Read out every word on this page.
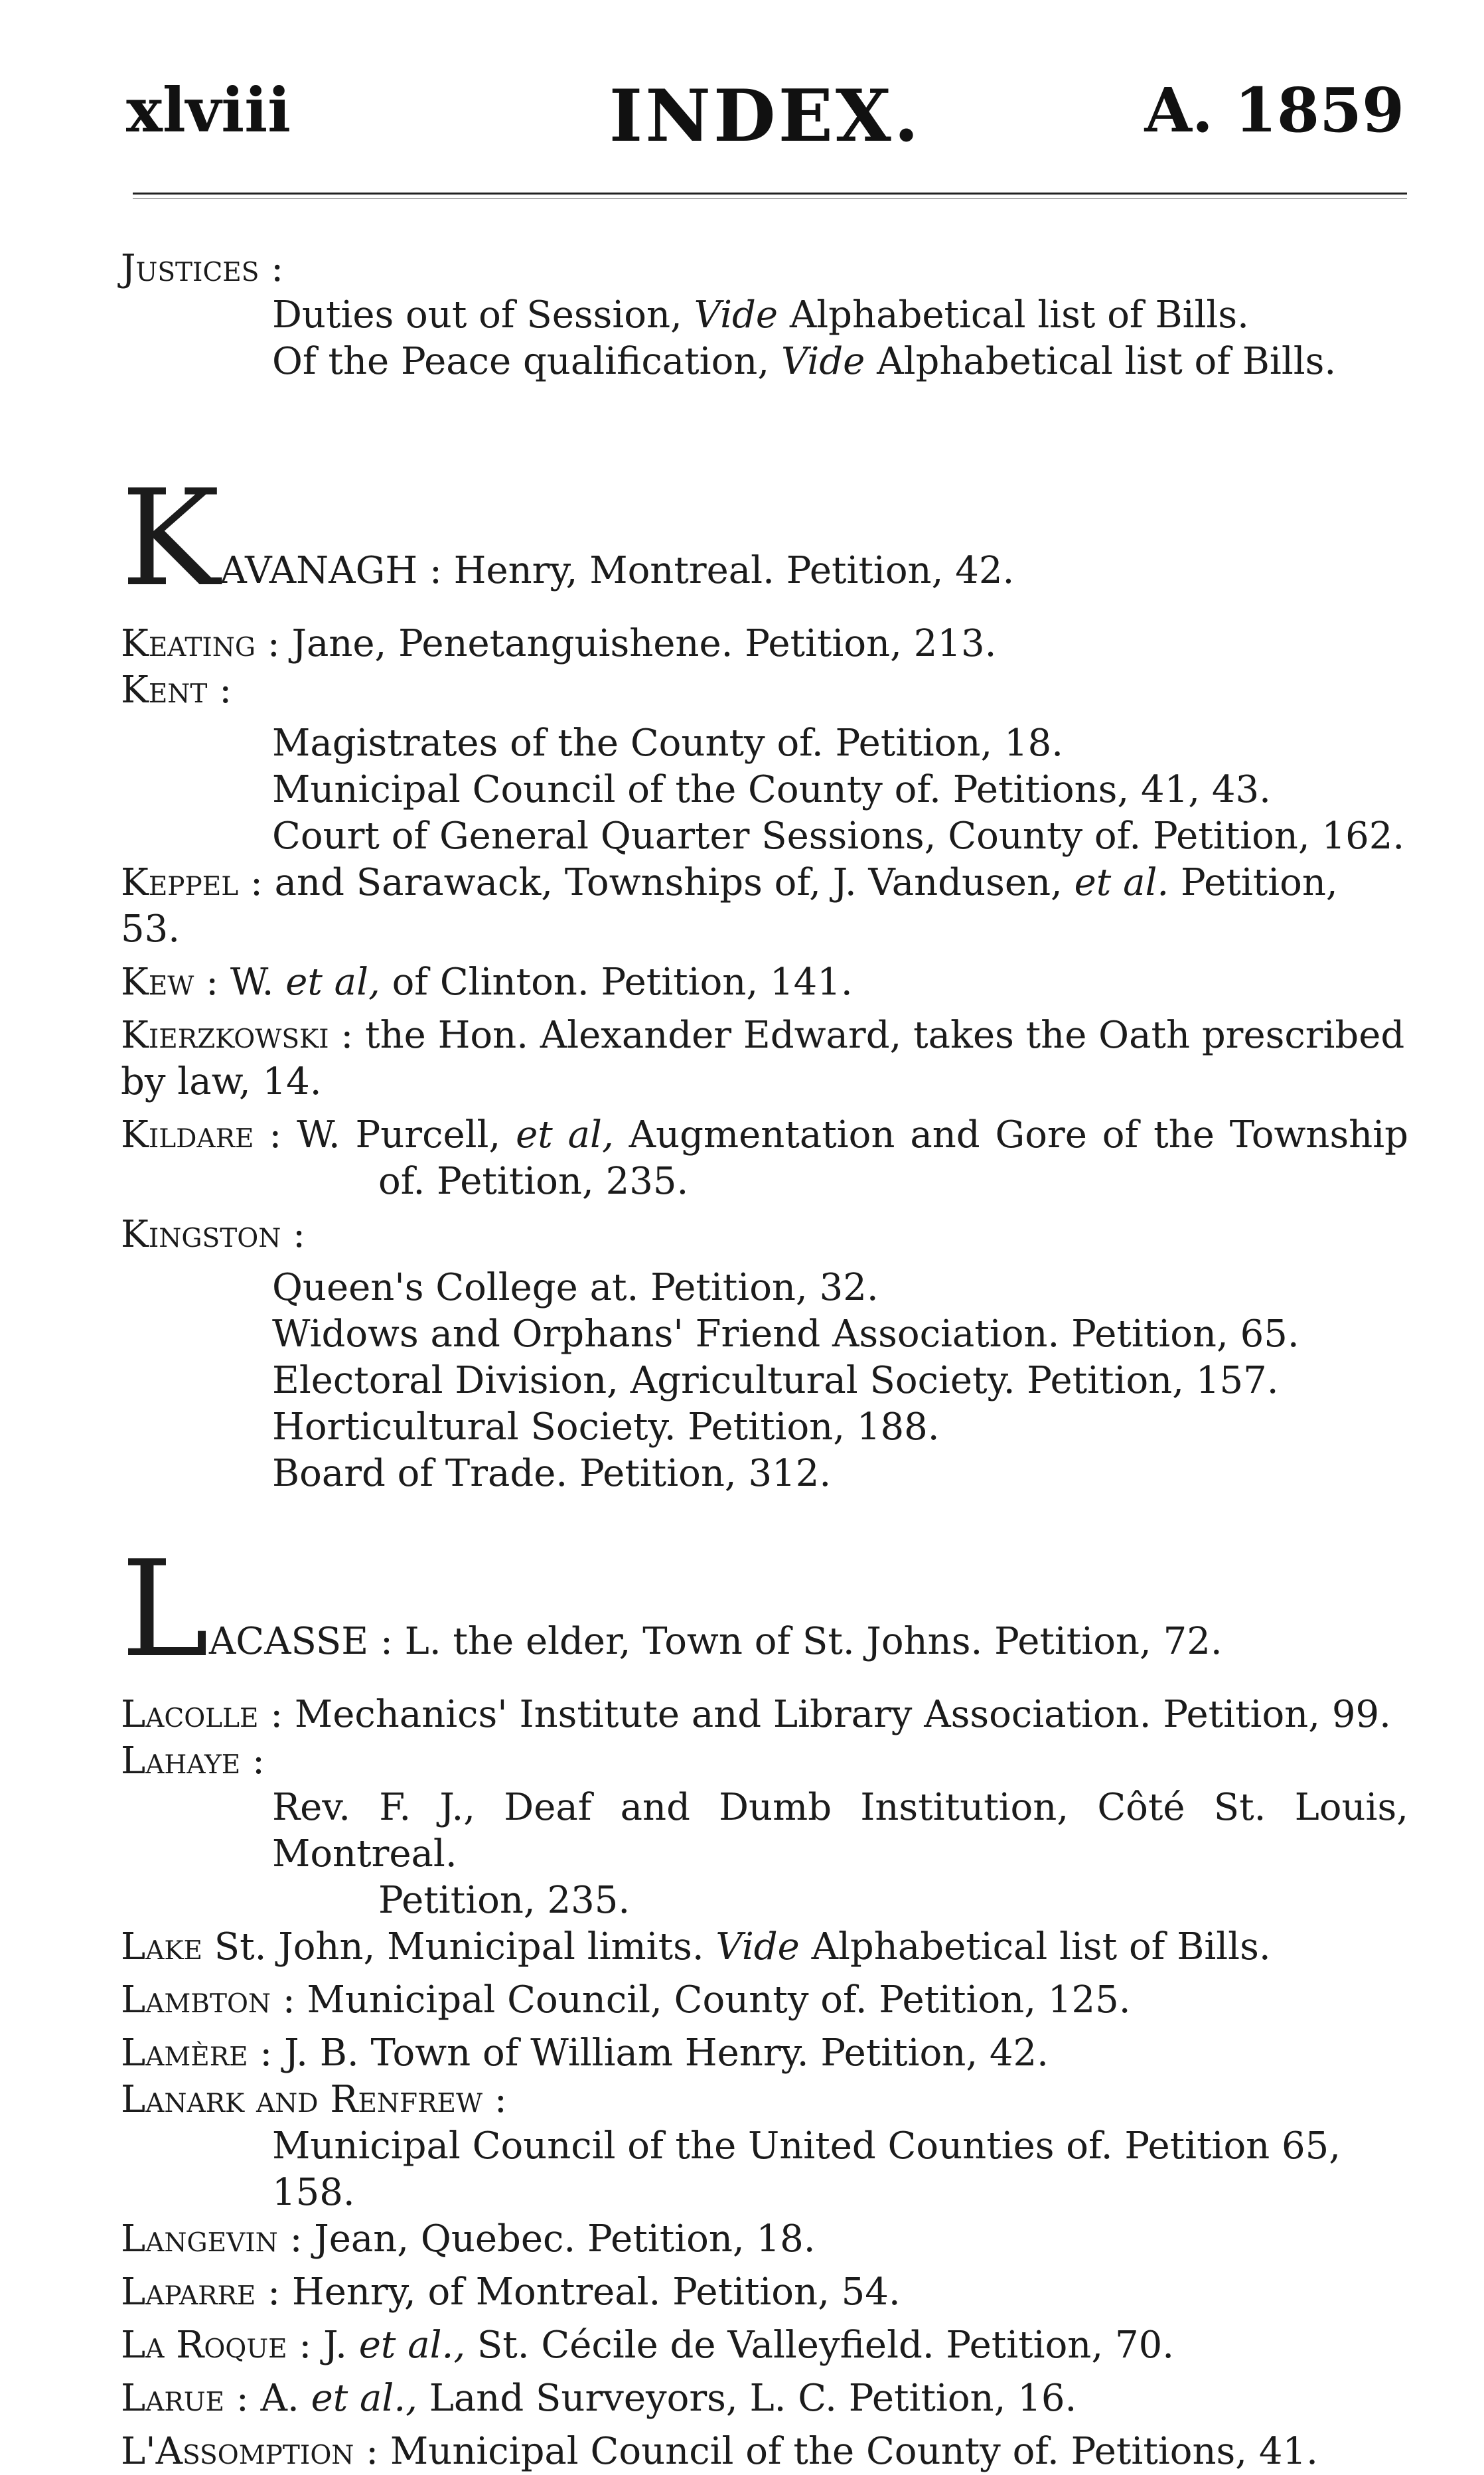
xlviii	INDEX.	A. 1859
Justices :
Duties out of Session, Vide Alphabetical list of Bills.
Of the Peace qualification, Vide Alphabetical list of Bills.
KAVANAGH : Henry, Montreal. Petition, 42.
Keating : Jane, Penetanguishene. Petition, 213.
Kent :
Magistrates of the County of. Petition, 18.
Municipal Council of the County of. Petitions, 41, 43.
Court of General Quarter Sessions, County of. Petition, 162.
Keppel : and Sarawack, Townships of, J. Vandusen, et al. Petition, 53.
Kew : W. et al, of Clinton. Petition, 141.
Kierzkowski : the Hon. Alexander Edward, takes the Oath prescribed by law, 14.
Kildare : W. Purcell, et al, Augmentation and Gore of the Township of. Petition, 235.
Kingston :
Queen's College at. Petition, 32.
Widows and Orphans' Friend Association. Petition, 65.
Electoral Division, Agricultural Society. Petition, 157.
Horticultural Society. Petition, 188.
Board of Trade. Petition, 312.
LACASSE : L. the elder, Town of St. Johns. Petition, 72.
Lacolle : Mechanics' Institute and Library Association. Petition, 99.
Lahaye :
Rev. F. J., Deaf and Dumb Institution, Côté St. Louis, Montreal.
Petition, 235.
Lake St. John, Municipal limits. Vide Alphabetical list of Bills.
Lambton : Municipal Council, County of. Petition, 125.
Lamère : J. B. Town of William Henry. Petition, 42.
Lanark and Renfrew :
Municipal Council of the United Counties of. Petition 65, 158.
Langevin : Jean, Quebec. Petition, 18.
Laparre : Henry, of Montreal. Petition, 54.
La Roque : J. et al., St. Cécile de Valleyfield. Petition, 70.
Larue : A. et al., Land Surveyors, L. C. Petition, 16.
L'Assomption : Municipal Council of the County of. Petitions, 41.
